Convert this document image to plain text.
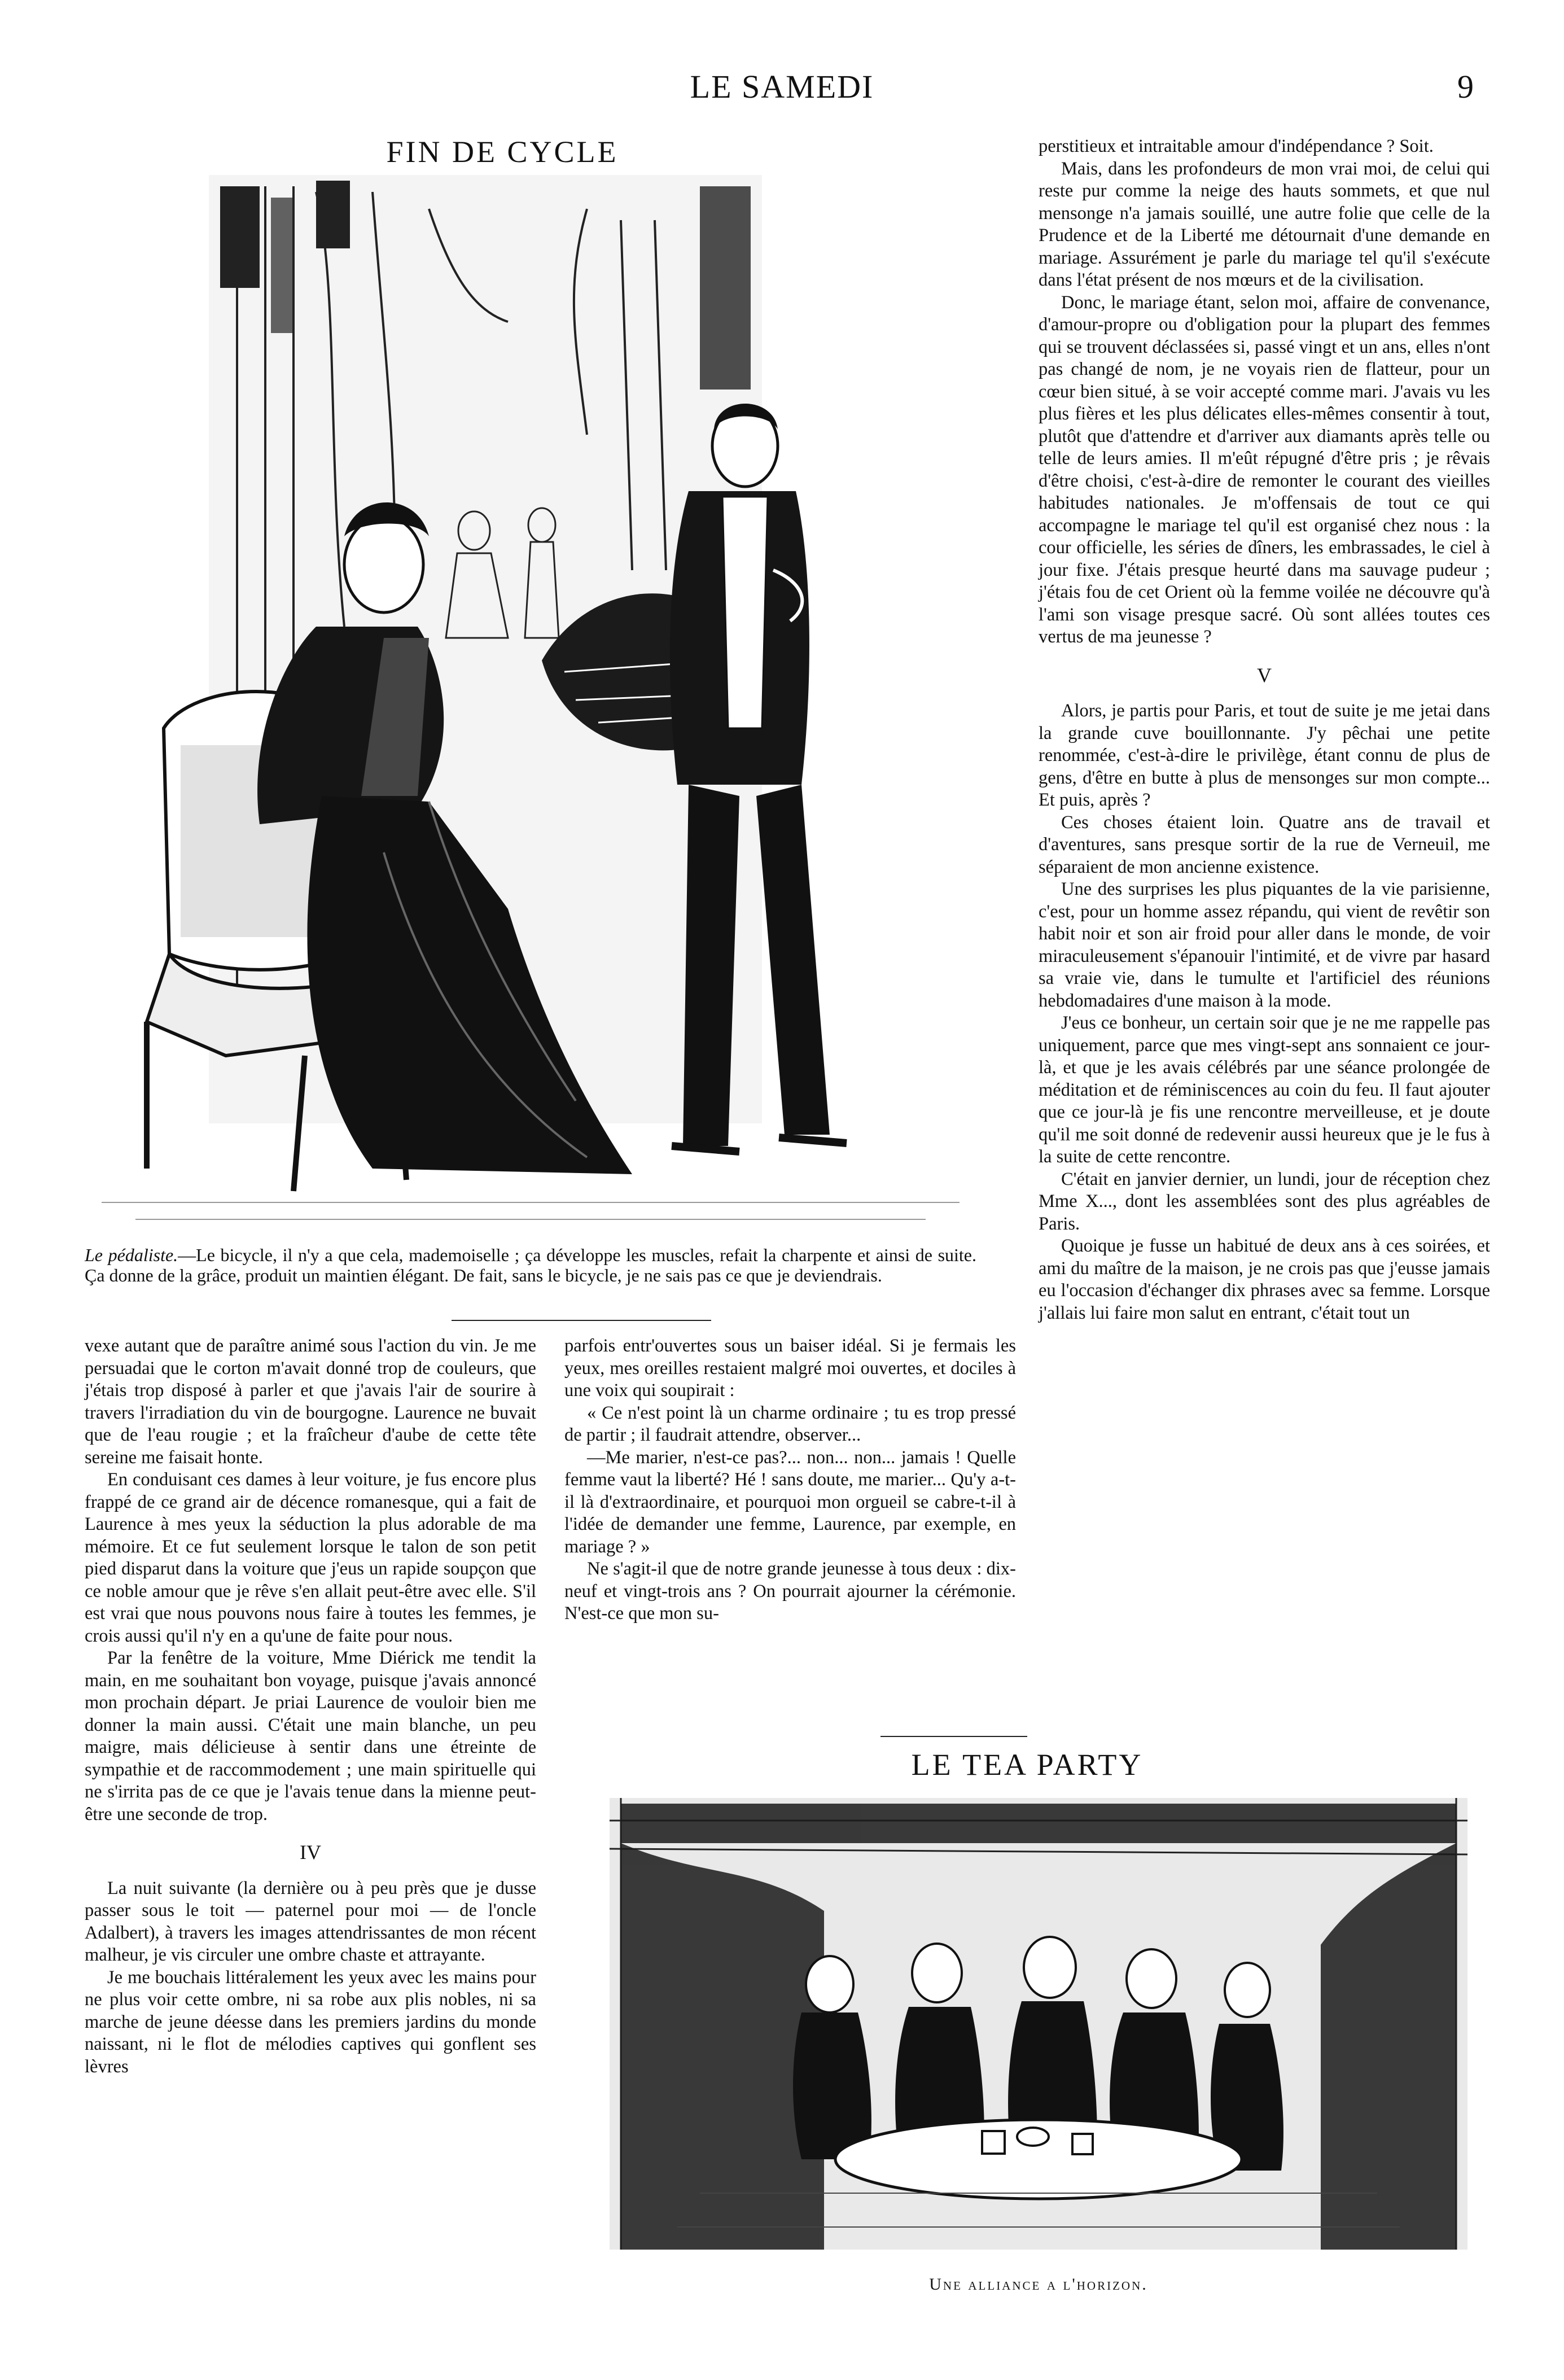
LE SAMEDI	9
FIN DE CYCLE
Le pédaliste.—Le bicycle, il n'y a que cela, mademoiselle ; ça développe les muscles, refait la charpente et ainsi de suite. Ça donne de la grâce, produit un maintien élégant. De fait, sans le bicycle, je ne sais pas ce que je deviendrais.

vexe autant que de paraître animé sous l'action du vin. Je me persuadai que le corton m'avait donné trop de couleurs, que j'étais trop disposé à parler et que j'avais l'air de sourire à travers l'irradiation du vin de bourgogne. Laurence ne buvait que de l'eau rougie ; et la fraîcheur d'aube de cette tête sereine me faisait honte.

En conduisant ces dames à leur voiture, je fus encore plus frappé de ce grand air de décence romanesque, qui a fait de Laurence à mes yeux la séduction la plus adorable de ma mémoire. Et ce fut seulement lorsque le talon de son petit pied disparut dans la voiture que j'eus un rapide soupçon que ce noble amour que je rêve s'en allait peut-être avec elle. S'il est vrai que nous pouvons nous faire à toutes les femmes, je crois aussi qu'il n'y en a qu'une de faite pour nous.

Par la fenêtre de la voiture, Mme Diérick me tendit la main, en me souhaitant bon voyage, puisque j'avais annoncé mon prochain départ. Je priai Laurence de vouloir bien me donner la main aussi. C'était une main blanche, un peu maigre, mais délicieuse à sentir dans une étreinte de sympathie et de raccommodement ; une main spirituelle qui ne s'irrita pas de ce que je l'avais tenue dans la mienne peut-être une seconde de trop.

IV

La nuit suivante (la dernière ou à peu près que je dusse passer sous le toit — paternel pour moi — de l'oncle Adalbert), à travers les images attendrissantes de mon récent malheur, je vis circuler une ombre chaste et attrayante.

Je me bouchais littéralement les yeux avec les mains pour ne plus voir cette ombre, ni sa robe aux plis nobles, ni sa marche de jeune déesse dans les premiers jardins du monde naissant, ni le flot de mélodies captives qui gonflent ses lèvres

parfois entr'ouvertes sous un baiser idéal. Si je fermais les yeux, mes oreilles restaient malgré moi ouvertes, et dociles à une voix qui soupirait :

« Ce n'est point là un charme ordinaire ; tu es trop pressé de partir ; il faudrait attendre, observer...

—Me marier, n'est-ce pas?... non... non... jamais ! Quelle femme vaut la liberté? Hé ! sans doute, me marier... Qu'y a-t-il là d'extraordinaire, et pourquoi mon orgueil se cabre-t-il à l'idée de demander une femme, Laurence, par exemple, en mariage ? »

Ne s'agit-il que de notre grande jeunesse à tous deux : dix-neuf et vingt-trois ans ? On pourrait ajourner la cérémonie. N'est-ce que mon su-

perstitieux et intraitable amour d'indépendance ? Soit.

Mais, dans les profondeurs de mon vrai moi, de celui qui reste pur comme la neige des hauts sommets, et que nul mensonge n'a jamais souillé, une autre folie que celle de la Prudence et de la Liberté me détournait d'une demande en mariage. Assurément je parle du mariage tel qu'il s'exécute dans l'état présent de nos mœurs et de la civilisation.

Donc, le mariage étant, selon moi, affaire de convenance, d'amour-propre ou d'obligation pour la plupart des femmes qui se trouvent déclassées si, passé vingt et un ans, elles n'ont pas changé de nom, je ne voyais rien de flatteur, pour un cœur bien situé, à se voir accepté comme mari. J'avais vu les plus fières et les plus délicates elles-mêmes consentir à tout, plutôt que d'attendre et d'arriver aux diamants après telle ou telle de leurs amies. Il m'eût répugné d'être pris ; je rêvais d'être choisi, c'est-à-dire de remonter le courant des vieilles habitudes nationales. Je m'offensais de tout ce qui accompagne le mariage tel qu'il est organisé chez nous : la cour officielle, les séries de dîners, les embrassades, le ciel à jour fixe. J'étais presque heurté dans ma sauvage pudeur ; j'étais fou de cet Orient où la femme voilée ne découvre qu'à l'ami son visage presque sacré. Où sont allées toutes ces vertus de ma jeunesse ?

V

Alors, je partis pour Paris, et tout de suite je me jetai dans la grande cuve bouillonnante. J'y pêchai une petite renommée, c'est-à-dire le privilège, étant connu de plus de gens, d'être en butte à plus de mensonges sur mon compte... Et puis, après ?

Ces choses étaient loin. Quatre ans de travail et d'aventures, sans presque sortir de la rue de Verneuil, me séparaient de mon ancienne existence.

Une des surprises les plus piquantes de la vie parisienne, c'est, pour un homme assez répandu, qui vient de revêtir son habit noir et son air froid pour aller dans le monde, de voir miraculeusement s'épanouir l'intimité, et de vivre par hasard sa vraie vie, dans le tumulte et l'artificiel des réunions hebdomadaires d'une maison à la mode.

J'eus ce bonheur, un certain soir que je ne me rappelle pas uniquement, parce que mes vingt-sept ans sonnaient ce jour-là, et que je les avais célébrés par une séance prolongée de méditation et de réminiscences au coin du feu. Il faut ajouter que ce jour-là je fis une rencontre merveilleuse, et je doute qu'il me soit donné de redevenir aussi heureux que je le fus à la suite de cette rencontre.

C'était en janvier dernier, un lundi, jour de réception chez Mme X..., dont les assemblées sont des plus agréables de Paris.

Quoique je fusse un habitué de deux ans à ces soirées, et ami du maître de la maison, je ne crois pas que j'eusse jamais eu l'occasion d'échanger dix phrases avec sa femme. Lorsque j'allais lui faire mon salut en entrant, c'était tout un

LE TEA PARTY
Une alliance a l'horizon.
